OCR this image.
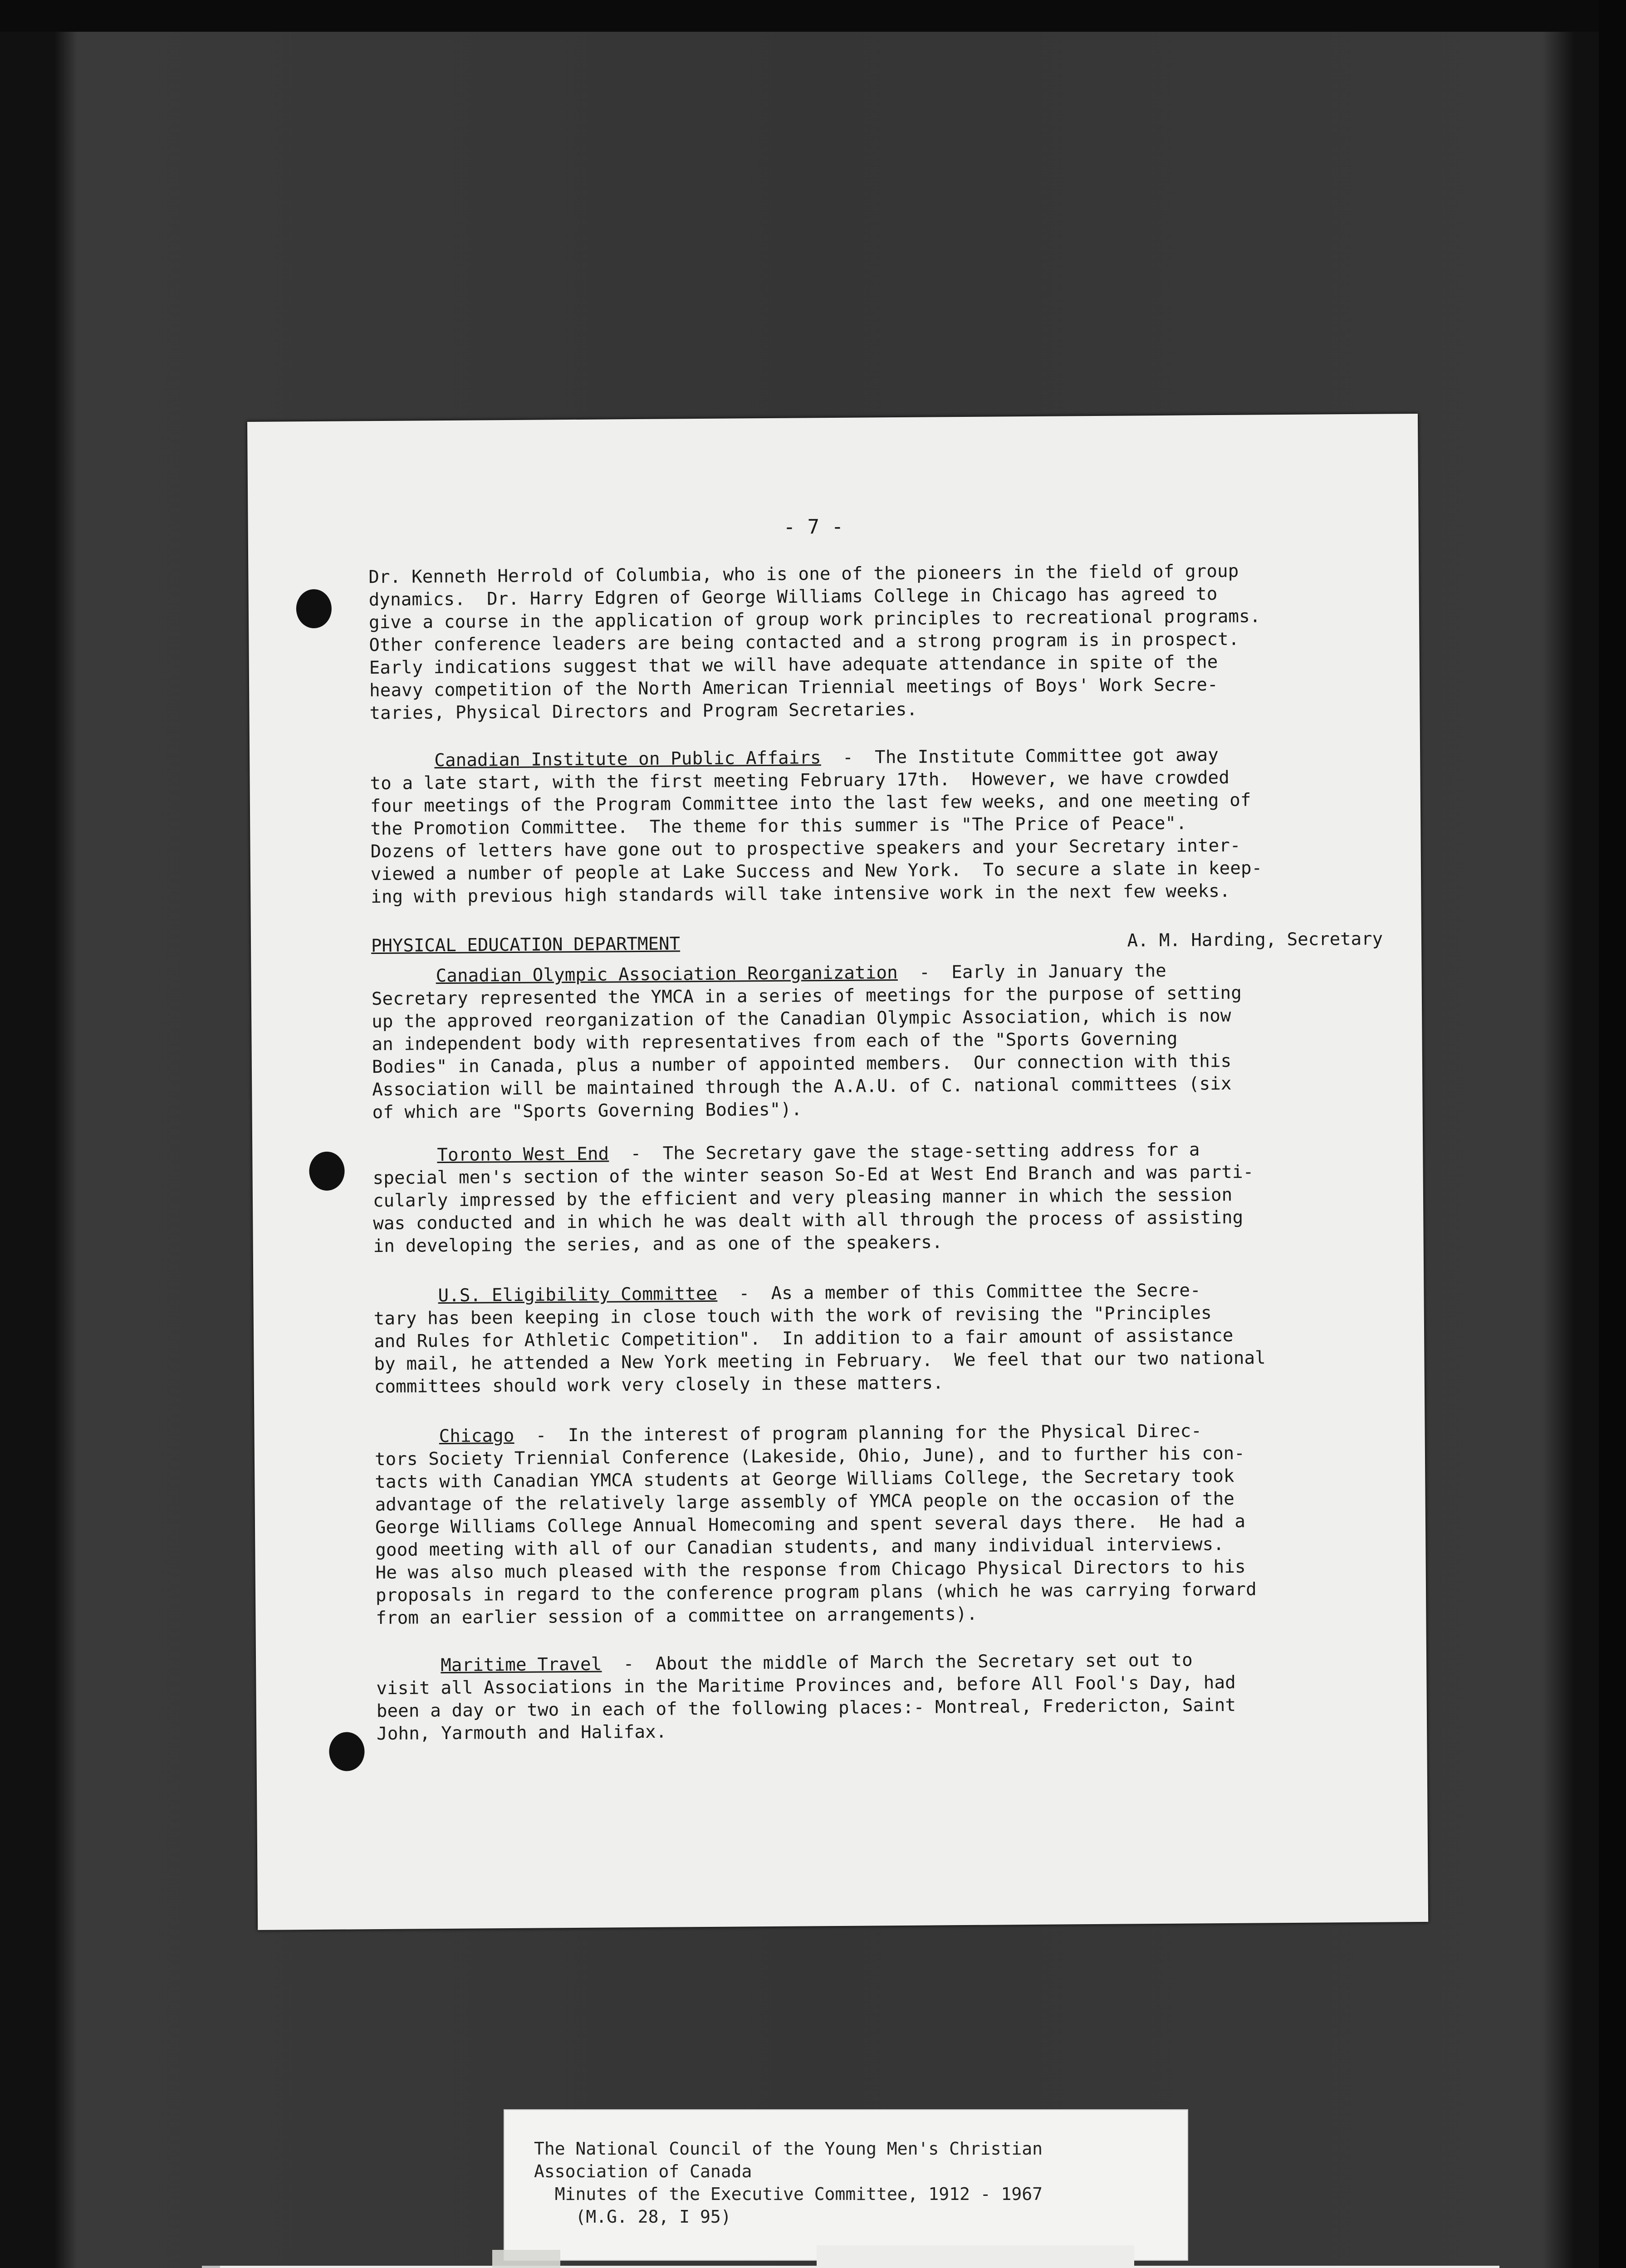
- 7 -
Dr. Kenneth Herrold of Columbia, who is one of the pioneers in the field of group
dynamics.  Dr. Harry Edgren of George Williams College in Chicago has agreed to
give a course in the application of group work principles to recreational programs.
Other conference leaders are being contacted and a strong program is in prospect.
Early indications suggest that we will have adequate attendance in spite of the
heavy competition of the North American Triennial meetings of Boys' Work Secre-
taries, Physical Directors and Program Secretaries.
Canadian Institute on Public Affairs  -  The Institute Committee got away
to a late start, with the first meeting February 17th.  However, we have crowded
four meetings of the Program Committee into the last few weeks, and one meeting of
the Promotion Committee.  The theme for this summer is "The Price of Peace".
Dozens of letters have gone out to prospective speakers and your Secretary inter-
viewed a number of people at Lake Success and New York.  To secure a slate in keep-
ing with previous high standards will take intensive work in the next few weeks.
PHYSICAL EDUCATION DEPARTMENT	A. M. Harding, Secretary
Canadian Olympic Association Reorganization  -  Early in January the
Secretary represented the YMCA in a series of meetings for the purpose of setting
up the approved reorganization of the Canadian Olympic Association, which is now
an independent body with representatives from each of the "Sports Governing
Bodies" in Canada, plus a number of appointed members.  Our connection with this
Association will be maintained through the A.A.U. of C. national committees (six
of which are "Sports Governing Bodies").
Toronto West End  -  The Secretary gave the stage-setting address for a
special men's section of the winter season So-Ed at West End Branch and was parti-
cularly impressed by the efficient and very pleasing manner in which the session
was conducted and in which he was dealt with all through the process of assisting
in developing the series, and as one of the speakers.
U.S. Eligibility Committee  -  As a member of this Committee the Secre-
tary has been keeping in close touch with the work of revising the "Principles
and Rules for Athletic Competition".  In addition to a fair amount of assistance
by mail, he attended a New York meeting in February.  We feel that our two national
committees should work very closely in these matters.
Chicago  -  In the interest of program planning for the Physical Direc-
tors Society Triennial Conference (Lakeside, Ohio, June), and to further his con-
tacts with Canadian YMCA students at George Williams College, the Secretary took
advantage of the relatively large assembly of YMCA people on the occasion of the
George Williams College Annual Homecoming and spent several days there.  He had a
good meeting with all of our Canadian students, and many individual interviews.
He was also much pleased with the response from Chicago Physical Directors to his
proposals in regard to the conference program plans (which he was carrying forward
from an earlier session of a committee on arrangements).
Maritime Travel  -  About the middle of March the Secretary set out to
visit all Associations in the Maritime Provinces and, before All Fool's Day, had
been a day or two in each of the following places:- Montreal, Fredericton, Saint
John, Yarmouth and Halifax.
The National Council of the Young Men's Christian
Association of Canada
Minutes of the Executive Committee, 1912 - 1967
(M.G. 28, I 95)
